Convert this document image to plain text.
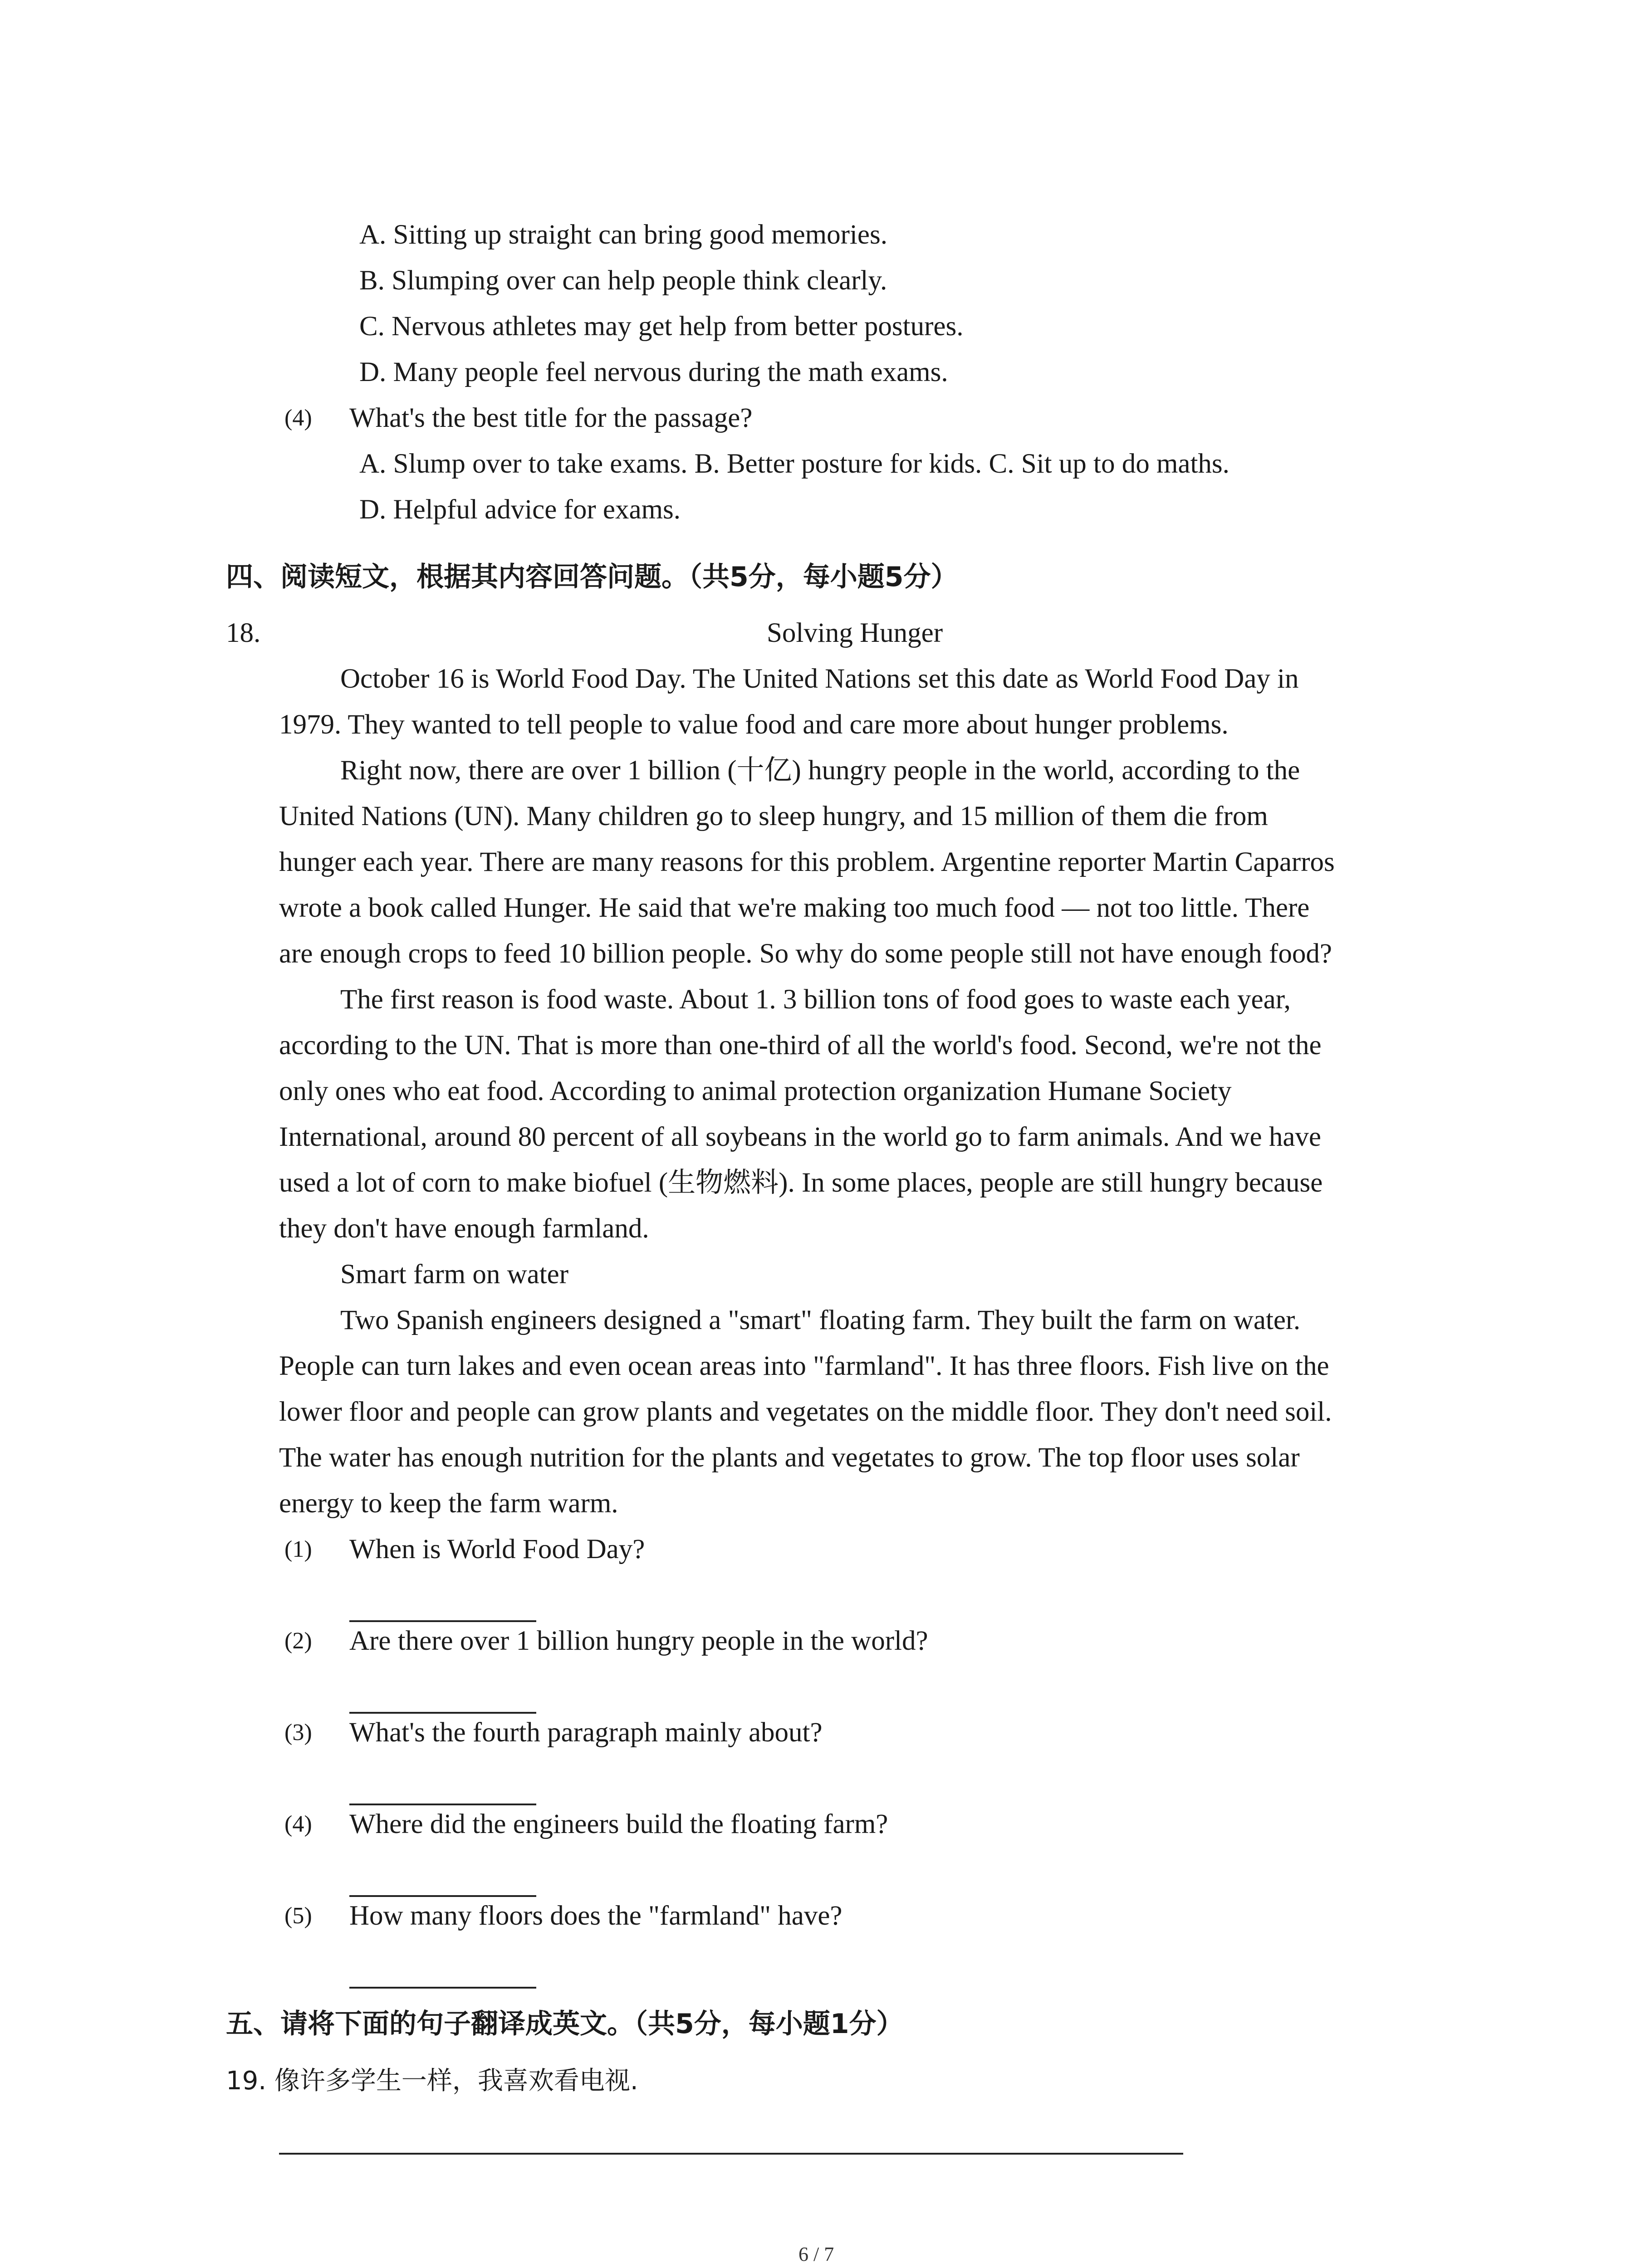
A. Sitting up straight can bring good memories.
B. Slumping over can help people think clearly.
C. Nervous athletes may get help from better postures.
D. Many people feel nervous during the math exams.
(4) What's the best title for the passage?
A. Slump over to take exams. B. Better posture for kids. C. Sit up to do maths.
D. Helpful advice for exams.
四、阅读短文，根据其内容回答问题。（共5分，每小题5分）
18.	Solving Hunger
October 16 is World Food Day. The United Nations set this date as World Food Day in
1979. They wanted to tell people to value food and care more about hunger problems.
Right now, there are over 1 billion (十亿) hungry people in the world, according to the
United Nations (UN). Many children go to sleep hungry, and 15 million of them die from
hunger each year. There are many reasons for this problem. Argentine reporter Martin Caparros
wrote a book called Hunger. He said that we're making too much food — not too little. There
are enough crops to feed 10 billion people. So why do some people still not have enough food?
The first reason is food waste. About 1. 3 billion tons of food goes to waste each year,
according to the UN. That is more than one-third of all the world's food. Second, we're not the
only ones who eat food. According to animal protection organization Humane Society
International, around 80 percent of all soybeans in the world go to farm animals. And we have
used a lot of corn to make biofuel (生物燃料). In some places, people are still hungry because
they don't have enough farmland.
Smart farm on water
Two Spanish engineers designed a "smart" floating farm. They built the farm on water.
People can turn lakes and even ocean areas into "farmland". It has three floors. Fish live on the
lower floor and people can grow plants and vegetates on the middle floor. They don't need soil.
The water has enough nutrition for the plants and vegetates to grow. The top floor uses solar
energy to keep the farm warm.
(1) When is World Food Day?
(2) Are there over 1 billion hungry people in the world?
(3) What's the fourth paragraph mainly about?
(4) Where did the engineers build the floating farm?
(5) How many floors does the "farmland" have?
五、请将下面的句子翻译成英文。（共5分，每小题1分）
19. 像许多学生一样，我喜欢看电视.
6 / 7
